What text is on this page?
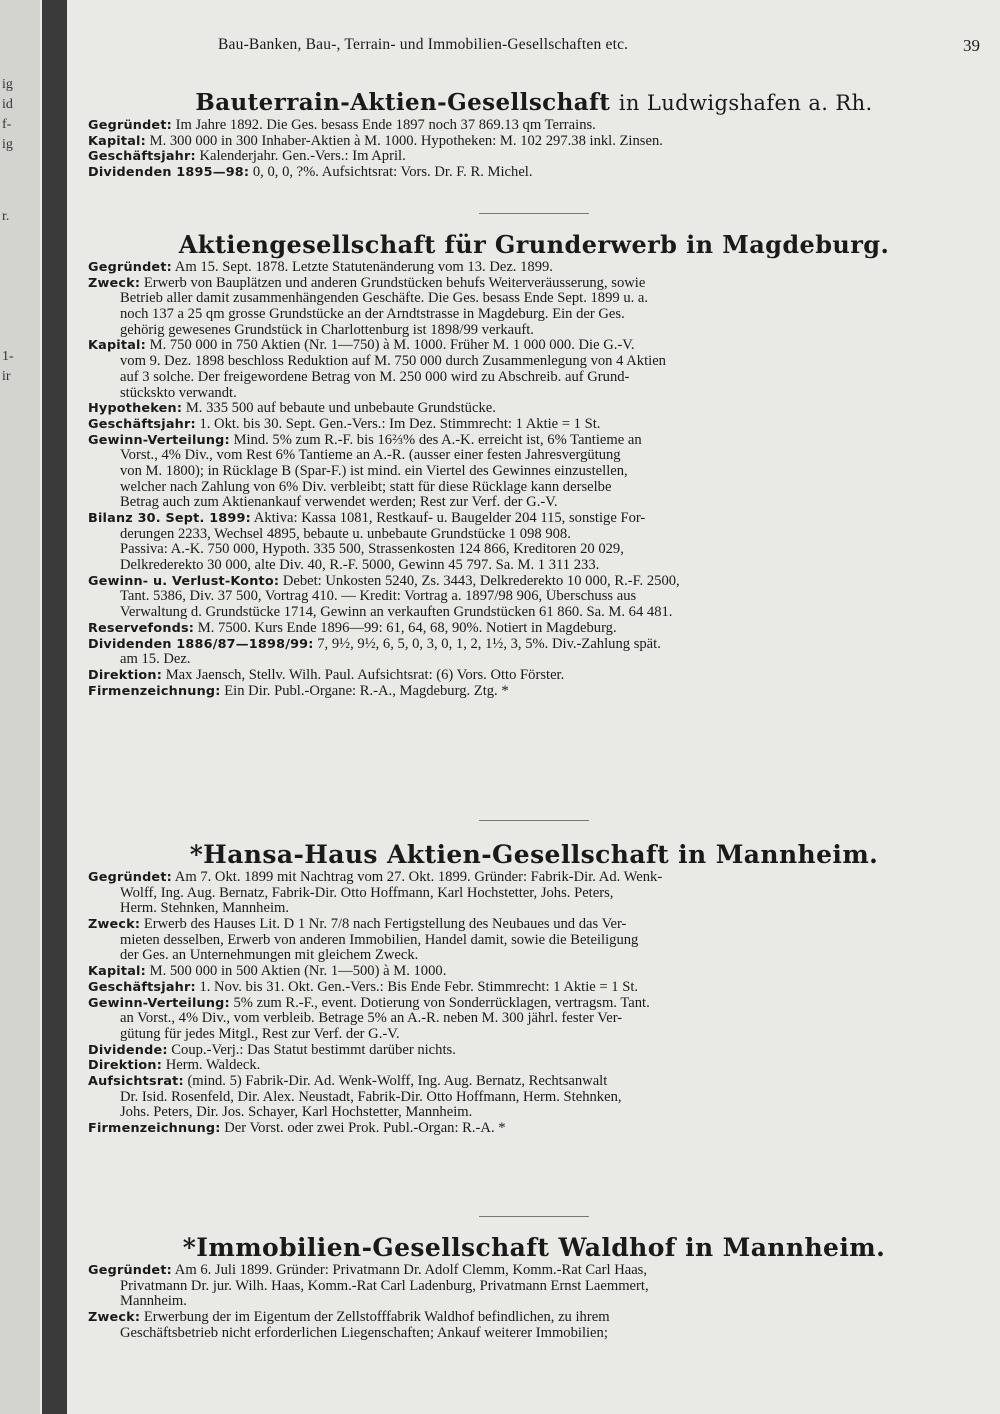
ig
id
f-
ig
r.
1-
ir
Bau-Banken, Bau-, Terrain- und Immobilien-Gesellschaften etc.	39
Bauterrain-Aktien-Gesellschaft in Ludwigshafen a. Rh.
Gegründet: Im Jahre 1892. Die Ges. besass Ende 1897 noch 37 869.13 qm Terrains.
Kapital: M. 300 000 in 300 Inhaber-Aktien à M. 1000. Hypotheken: M. 102 297.38 inkl. Zinsen.
Geschäftsjahr: Kalenderjahr. Gen.-Vers.: Im April.
Dividenden 1895—98: 0, 0, 0, ?%. Aufsichtsrat: Vors. Dr. F. R. Michel.
Aktiengesellschaft für Grunderwerb in Magdeburg.
Gegründet: Am 15. Sept. 1878. Letzte Statutenänderung vom 13. Dez. 1899.
Zweck: Erwerb von Bauplätzen und anderen Grundstücken behufs Weiterveräusserung, sowie
Betrieb aller damit zusammenhängenden Geschäfte. Die Ges. besass Ende Sept. 1899 u. a.
noch 137 a 25 qm grosse Grundstücke an der Arndtstrasse in Magdeburg. Ein der Ges.
gehörig gewesenes Grundstück in Charlottenburg ist 1898/99 verkauft.
Kapital: M. 750 000 in 750 Aktien (Nr. 1—750) à M. 1000. Früher M. 1 000 000. Die G.-V.
vom 9. Dez. 1898 beschloss Reduktion auf M. 750 000 durch Zusammenlegung von 4 Aktien
auf 3 solche. Der freigewordene Betrag von M. 250 000 wird zu Abschreib. auf Grund-
stückskto verwandt.
Hypotheken: M. 335 500 auf bebaute und unbebaute Grundstücke.
Geschäftsjahr: 1. Okt. bis 30. Sept. Gen.-Vers.: Im Dez. Stimmrecht: 1 Aktie = 1 St.
Gewinn-Verteilung: Mind. 5% zum R.-F. bis 16⅔% des A.-K. erreicht ist, 6% Tantieme an
Vorst., 4% Div., vom Rest 6% Tantieme an A.-R. (ausser einer festen Jahresvergütung
von M. 1800); in Rücklage B (Spar-F.) ist mind. ein Viertel des Gewinnes einzustellen,
welcher nach Zahlung von 6% Div. verbleibt; statt für diese Rücklage kann derselbe
Betrag auch zum Aktienankauf verwendet werden; Rest zur Verf. der G.-V.
Bilanz 30. Sept. 1899: Aktiva: Kassa 1081, Restkauf- u. Baugelder 204 115, sonstige For-
derungen 2233, Wechsel 4895, bebaute u. unbebaute Grundstücke 1 098 908.
Passiva: A.-K. 750 000, Hypoth. 335 500, Strassenkosten 124 866, Kreditoren 20 029,
Delkrederekto 30 000, alte Div. 40, R.-F. 5000, Gewinn 45 797. Sa. M. 1 311 233.
Gewinn- u. Verlust-Konto: Debet: Unkosten 5240, Zs. 3443, Delkrederekto 10 000, R.-F. 2500,
Tant. 5386, Div. 37 500, Vortrag 410. — Kredit: Vortrag a. 1897/98 906, Überschuss aus
Verwaltung d. Grundstücke 1714, Gewinn an verkauften Grundstücken 61 860. Sa. M. 64 481.
Reservefonds: M. 7500. Kurs Ende 1896—99: 61, 64, 68, 90%. Notiert in Magdeburg.
Dividenden 1886/87—1898/99: 7, 9½, 9½, 6, 5, 0, 3, 0, 1, 2, 1½, 3, 5%. Div.-Zahlung spät.
am 15. Dez.
Direktion: Max Jaensch, Stellv. Wilh. Paul. Aufsichtsrat: (6) Vors. Otto Förster.
Firmenzeichnung: Ein Dir. Publ.-Organe: R.-A., Magdeburg. Ztg. *
*Hansa-Haus Aktien-Gesellschaft in Mannheim.
Gegründet: Am 7. Okt. 1899 mit Nachtrag vom 27. Okt. 1899. Gründer: Fabrik-Dir. Ad. Wenk-
Wolff, Ing. Aug. Bernatz, Fabrik-Dir. Otto Hoffmann, Karl Hochstetter, Johs. Peters,
Herm. Stehnken, Mannheim.
Zweck: Erwerb des Hauses Lit. D 1 Nr. 7/8 nach Fertigstellung des Neubaues und das Ver-
mieten desselben, Erwerb von anderen Immobilien, Handel damit, sowie die Beteiligung
der Ges. an Unternehmungen mit gleichem Zweck.
Kapital: M. 500 000 in 500 Aktien (Nr. 1—500) à M. 1000.
Geschäftsjahr: 1. Nov. bis 31. Okt. Gen.-Vers.: Bis Ende Febr. Stimmrecht: 1 Aktie = 1 St.
Gewinn-Verteilung: 5% zum R.-F., event. Dotierung von Sonderrücklagen, vertragsm. Tant.
an Vorst., 4% Div., vom verbleib. Betrage 5% an A.-R. neben M. 300 jährl. fester Ver-
gütung für jedes Mitgl., Rest zur Verf. der G.-V.
Dividende: Coup.-Verj.: Das Statut bestimmt darüber nichts.
Direktion: Herm. Waldeck.
Aufsichtsrat: (mind. 5) Fabrik-Dir. Ad. Wenk-Wolff, Ing. Aug. Bernatz, Rechtsanwalt
Dr. Isid. Rosenfeld, Dir. Alex. Neustadt, Fabrik-Dir. Otto Hoffmann, Herm. Stehnken,
Johs. Peters, Dir. Jos. Schayer, Karl Hochstetter, Mannheim.
Firmenzeichnung: Der Vorst. oder zwei Prok. Publ.-Organ: R.-A. *
*Immobilien-Gesellschaft Waldhof in Mannheim.
Gegründet: Am 6. Juli 1899. Gründer: Privatmann Dr. Adolf Clemm, Komm.-Rat Carl Haas,
Privatmann Dr. jur. Wilh. Haas, Komm.-Rat Carl Ladenburg, Privatmann Ernst Laemmert,
Mannheim.
Zweck: Erwerbung der im Eigentum der Zellstofffabrik Waldhof befindlichen, zu ihrem
Geschäftsbetrieb nicht erforderlichen Liegenschaften; Ankauf weiterer Immobilien;
